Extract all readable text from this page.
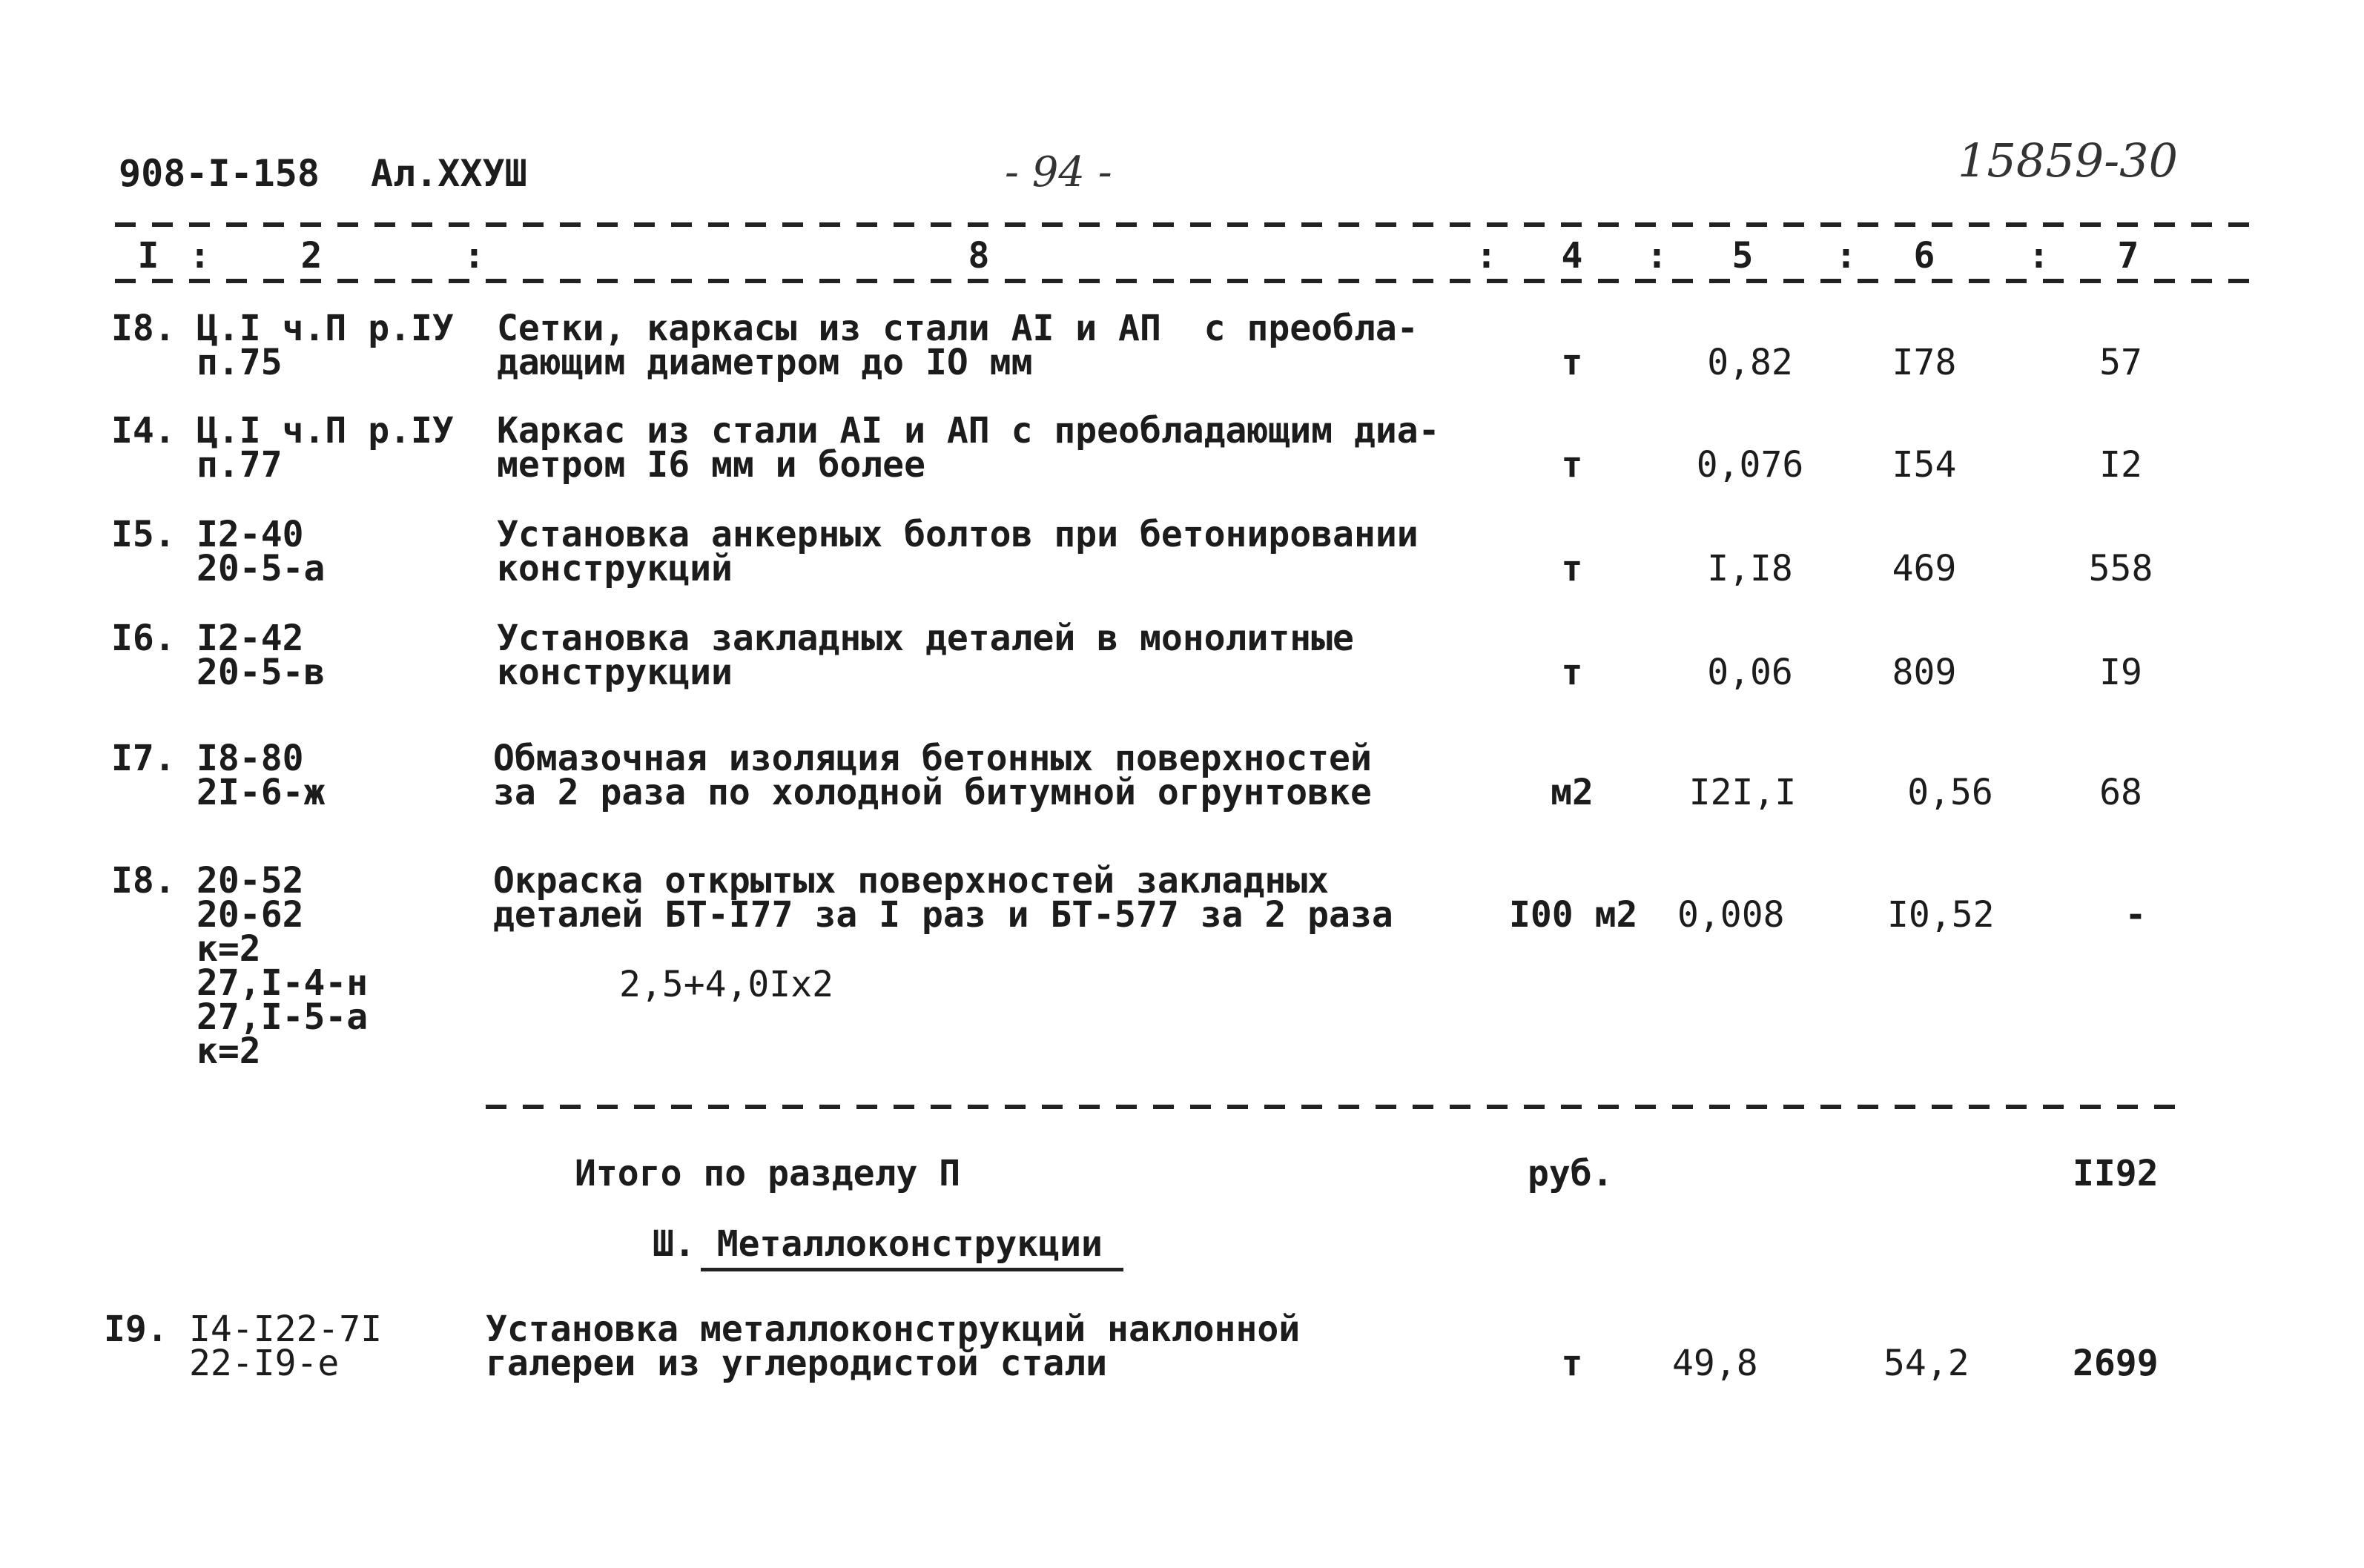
908-I-158 Ал.XXУШ	- 94 -	15859-30
I :	2	:	8	:	4	:	5	:	6	:	7
I8. Ц.I ч.П р.IУ
п.75
Сетки, каркасы из стали AI и АП  с преобла-
дающим диаметром до IO мм	т	0,82	I78	57
I4. Ц.I ч.П р.IУ
п.77
Каркас из стали AI и АП с преобладающим диа-
метром I6 мм и более	т	0,076	I54	I2
I5. I2-40
20-5-а
Установка анкерных болтов при бетонировании
конструкций	т	I,I8	469	558
I6. I2-42
20-5-в
Установка закладных деталей в монолитные
конструкции	т	0,06	809	I9
I7. I8-80
2I-6-ж
Обмазочная изоляция бетонных поверхностей
за 2 раза по холодной битумной огрунтовке	м2	I2I,I	0,56	68
I8. 20-52
20-62
к=2
27,I-4-н
27,I-5-а
к=2
Окраска открытых поверхностей закладных
деталей БТ-I77 за I раз и БТ-577 за 2 раза
2,5+4,0Iх2
I00 м2 0,008	I0,52	-
Итого по разделу П	руб.	II92
Ш. Металлоконструкции
I9. I4-I22-7I
22-I9-е
Установка металлоконструкций наклонной
галереи из углеродистой стали	т	49,8	54,2	2699
